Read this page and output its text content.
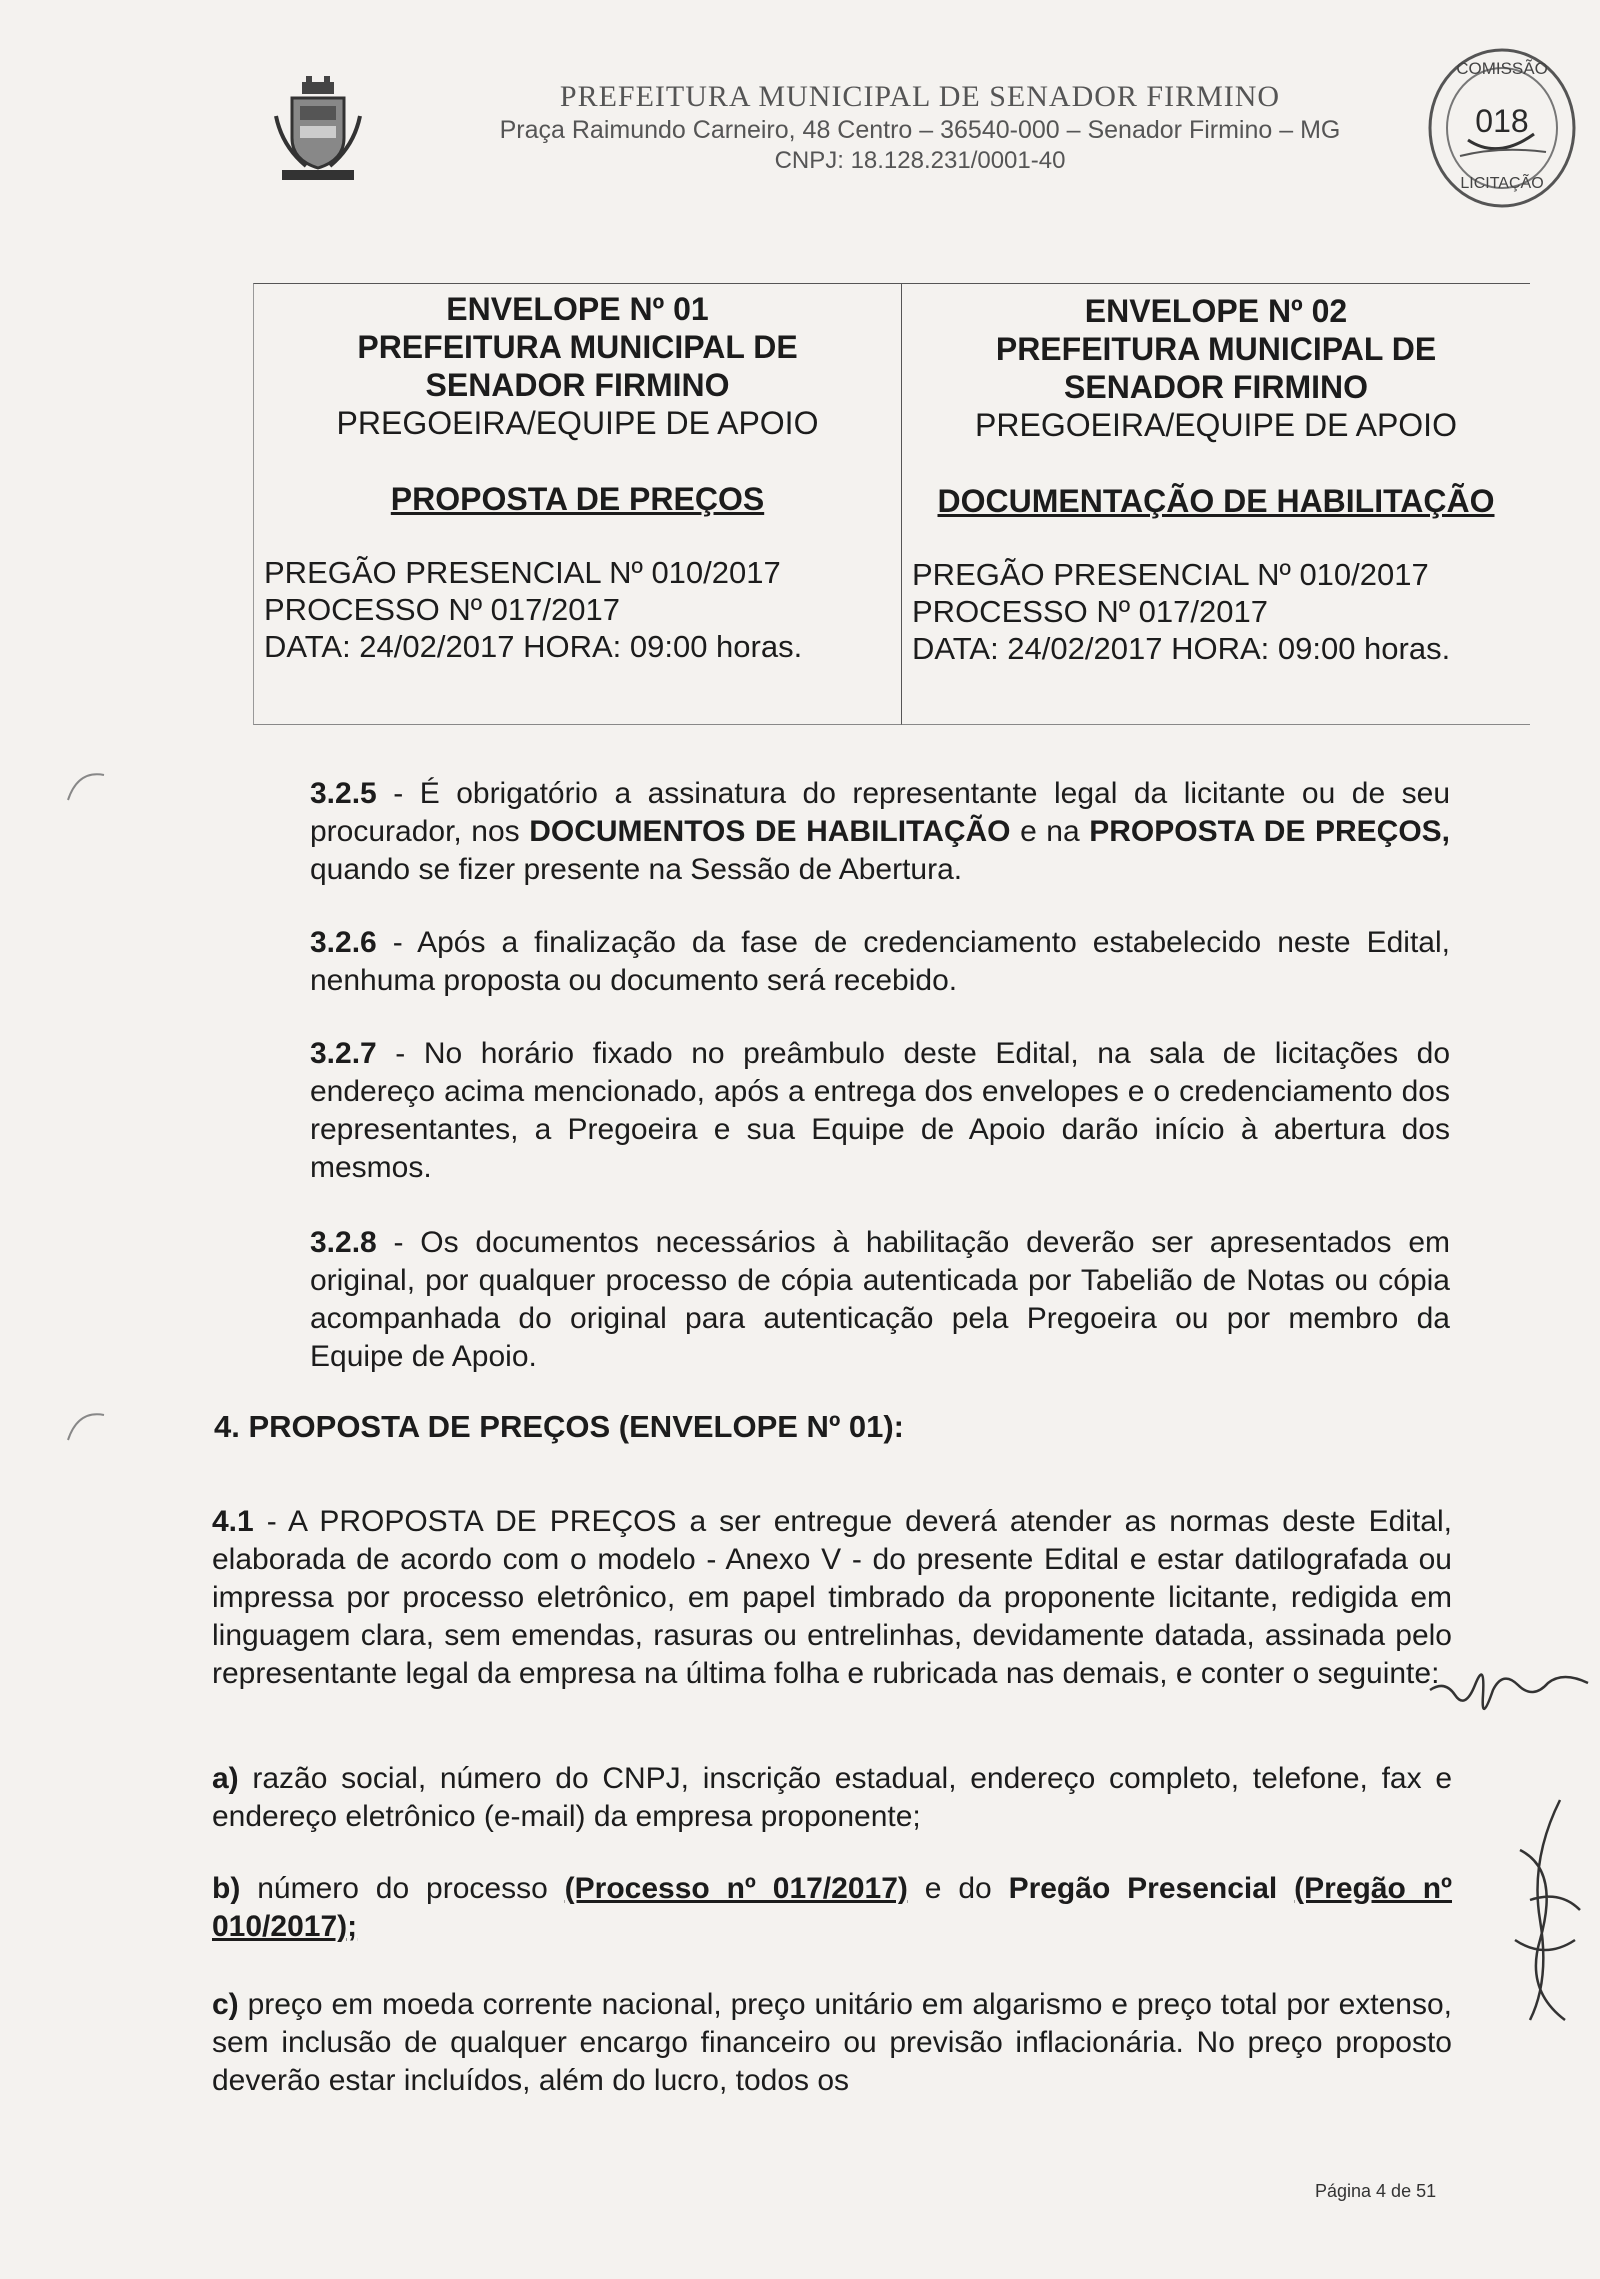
PREFEITURA MUNICIPAL DE SENADOR FIRMINO
Praça Raimundo Carneiro, 48 Centro – 36540-000 – Senador Firmino – MG
CNPJ: 18.128.231/0001-40
COMISSÃO
018
LICITAÇÃO
ENVELOPE Nº 01
PREFEITURA MUNICIPAL DE
SENADOR FIRMINO
PREGOEIRA/EQUIPE DE APOIO
PROPOSTA DE PREÇOS
PREGÃO PRESENCIAL Nº 010/2017
PROCESSO Nº 017/2017
DATA: 24/02/2017 HORA: 09:00 horas.
ENVELOPE Nº 02
PREFEITURA MUNICIPAL DE
SENADOR FIRMINO
PREGOEIRA/EQUIPE DE APOIO
DOCUMENTAÇÃO DE HABILITAÇÃO
PREGÃO PRESENCIAL Nº 010/2017
PROCESSO Nº 017/2017
DATA: 24/02/2017 HORA: 09:00 horas.
3.2.5 - É obrigatório a assinatura do representante legal da licitante ou de seu procurador, nos DOCUMENTOS DE HABILITAÇÃO e na PROPOSTA DE PREÇOS, quando se fizer presente na Sessão de Abertura.
3.2.6 - Após a finalização da fase de credenciamento estabelecido neste Edital, nenhuma proposta ou documento será recebido.
3.2.7 - No horário fixado no preâmbulo deste Edital, na sala de licitações do endereço acima mencionado, após a entrega dos envelopes e o credenciamento dos representantes, a Pregoeira e sua Equipe de Apoio darão início à abertura dos mesmos.
3.2.8 - Os documentos necessários à habilitação deverão ser apresentados em original, por qualquer processo de cópia autenticada por Tabelião de Notas ou cópia acompanhada do original para autenticação pela Pregoeira ou por membro da Equipe de Apoio.
4. PROPOSTA DE PREÇOS (ENVELOPE Nº 01):
4.1 - A PROPOSTA DE PREÇOS a ser entregue deverá atender as normas deste Edital, elaborada de acordo com o modelo - Anexo V - do presente Edital e estar datilografada ou impressa por processo eletrônico, em papel timbrado da proponente licitante, redigida em linguagem clara, sem emendas, rasuras ou entrelinhas, devidamente datada, assinada pelo representante legal da empresa na última folha e rubricada nas demais, e conter o seguinte:
a) razão social, número do CNPJ, inscrição estadual, endereço completo, telefone, fax e endereço eletrônico (e-mail) da empresa proponente;
b) número do processo (Processo nº 017/2017) e do Pregão Presencial (Pregão nº 010/2017);
c) preço em moeda corrente nacional, preço unitário em algarismo e preço total por extenso, sem inclusão de qualquer encargo financeiro ou previsão inflacionária. No preço proposto deverão estar incluídos, além do lucro, todos os
Página 4 de 51
